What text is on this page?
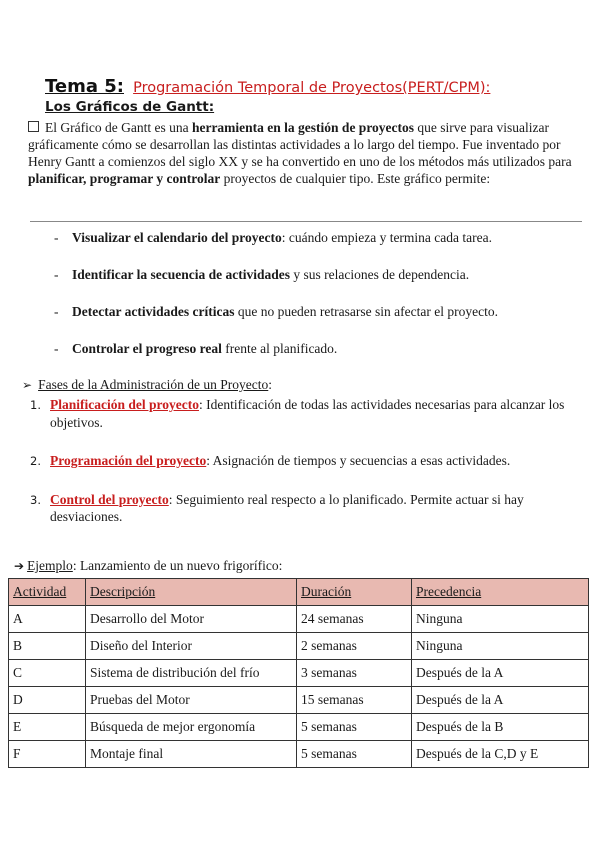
Tema 5: Programación Temporal de Proyectos(PERT/CPM):
Los Gráficos de Gantt:
El Gráfico de Gantt es una herramienta en la gestión de proyectos que sirve para visualizar gráficamente cómo se desarrollan las distintas actividades a lo largo del tiempo. Fue inventado por Henry Gantt a comienzos del siglo XX y se ha convertido en uno de los métodos más utilizados para planificar, programar y controlar proyectos de cualquier tipo. Este gráfico permite:
- Visualizar el calendario del proyecto: cuándo empieza y termina cada tarea.
- Identificar la secuencia de actividades y sus relaciones de dependencia.
- Detectar actividades críticas que no pueden retrasarse sin afectar el proyecto.
- Controlar el progreso real frente al planificado.
➢ Fases de la Administración de un Proyecto:
1. Planificación del proyecto: Identificación de todas las actividades necesarias para alcanzar los objetivos.
2. Programación del proyecto: Asignación de tiempos y secuencias a esas actividades.
3. Control del proyecto: Seguimiento real respecto a lo planificado. Permite actuar si hay desviaciones.
➔ Ejemplo: Lanzamiento de un nuevo frigorífico:
Actividad	Descripción	Duración	Precedencia
A	Desarrollo del Motor	24 semanas	Ninguna
B	Diseño del Interior	2 semanas	Ninguna
C	Sistema de distribución del frío	3 semanas	Después de la A
D	Pruebas del Motor	15 semanas	Después de la A
E	Búsqueda de mejor ergonomía	5 semanas	Después de la B
F	Montaje final	5 semanas	Después de la C,D y E
